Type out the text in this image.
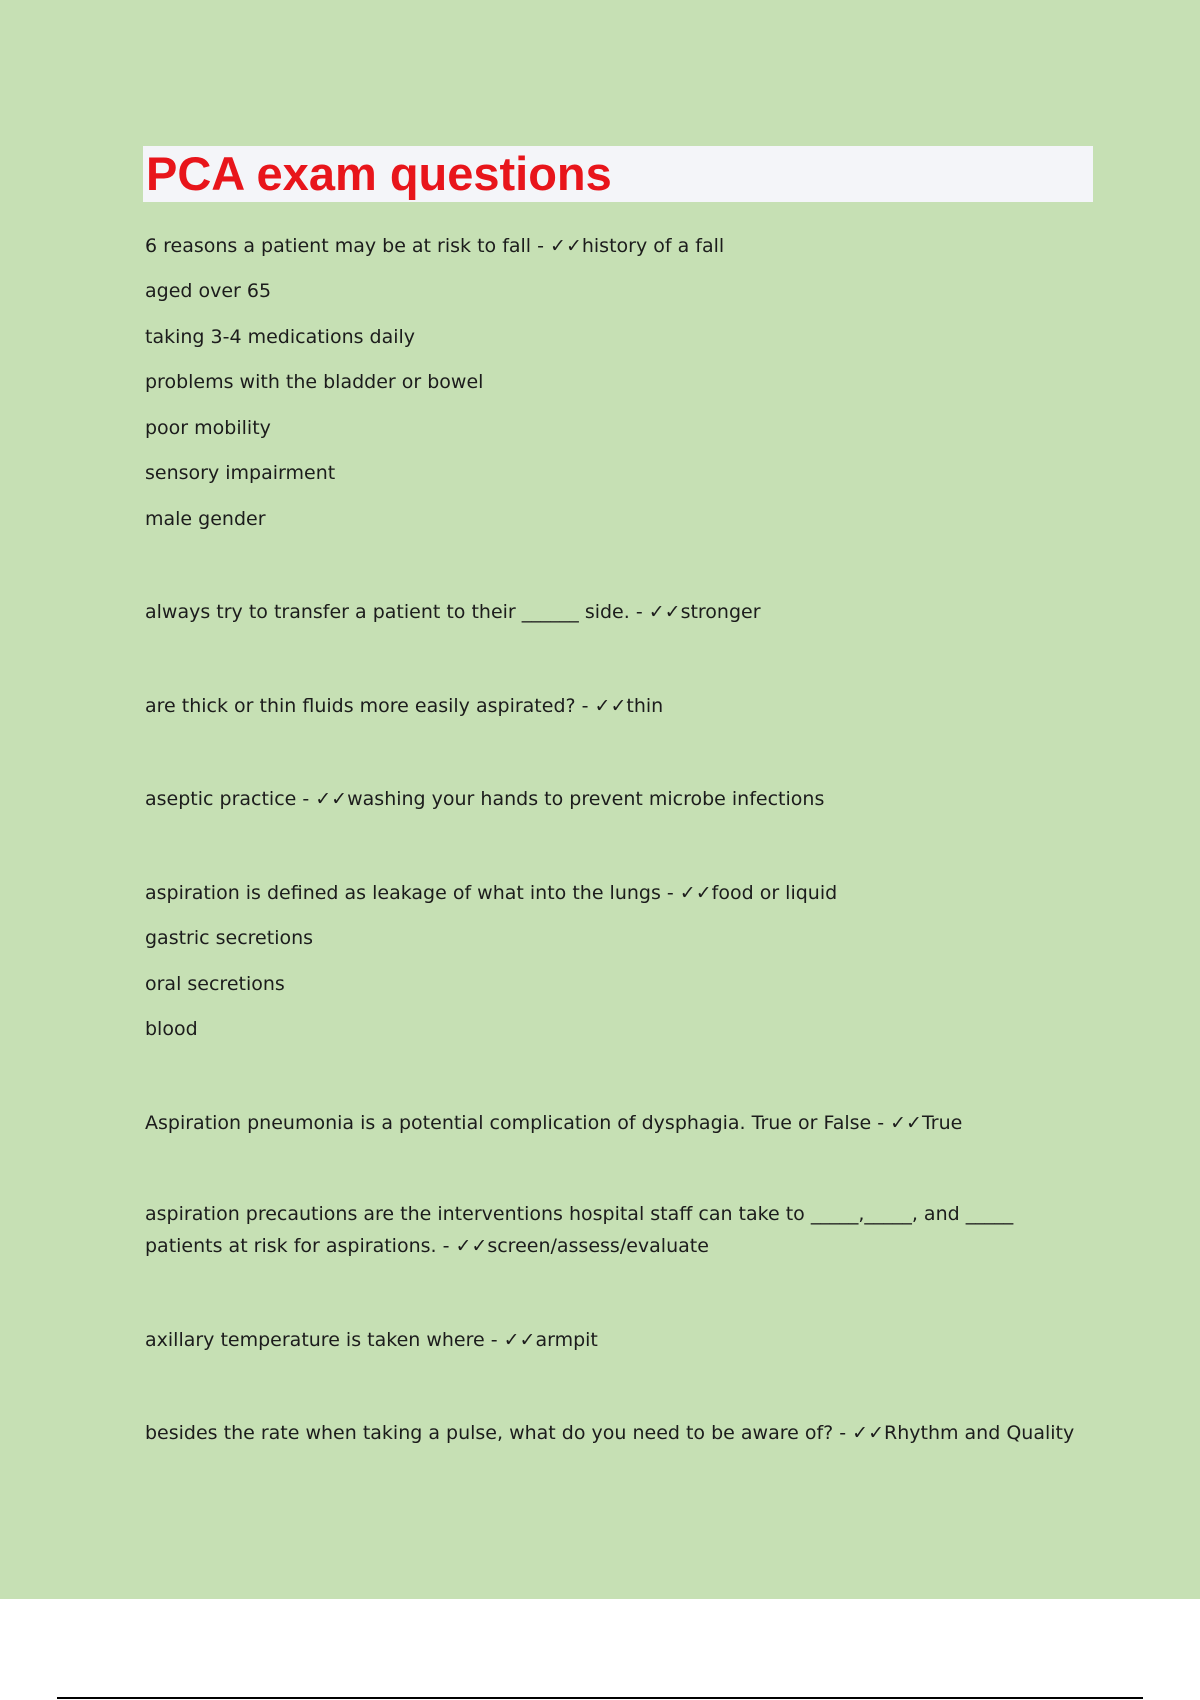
PCA exam questions
6 reasons a patient may be at risk to fall - ✓✓history of a fall
aged over 65
taking 3-4 medications daily
problems with the bladder or bowel
poor mobility
sensory impairment
male gender
always try to transfer a patient to their ______ side. - ✓✓stronger
are thick or thin fluids more easily aspirated? - ✓✓thin
aseptic practice - ✓✓washing your hands to prevent microbe infections
aspiration is defined as leakage of what into the lungs - ✓✓food or liquid
gastric secretions
oral secretions
blood
Aspiration pneumonia is a potential complication of dysphagia. True or False - ✓✓True
aspiration precautions are the interventions hospital staff can take to _____,_____, and _____ patients at risk for aspirations. - ✓✓screen/assess/evaluate
axillary temperature is taken where - ✓✓armpit
besides the rate when taking a pulse, what do you need to be aware of? - ✓✓Rhythm and Quality
